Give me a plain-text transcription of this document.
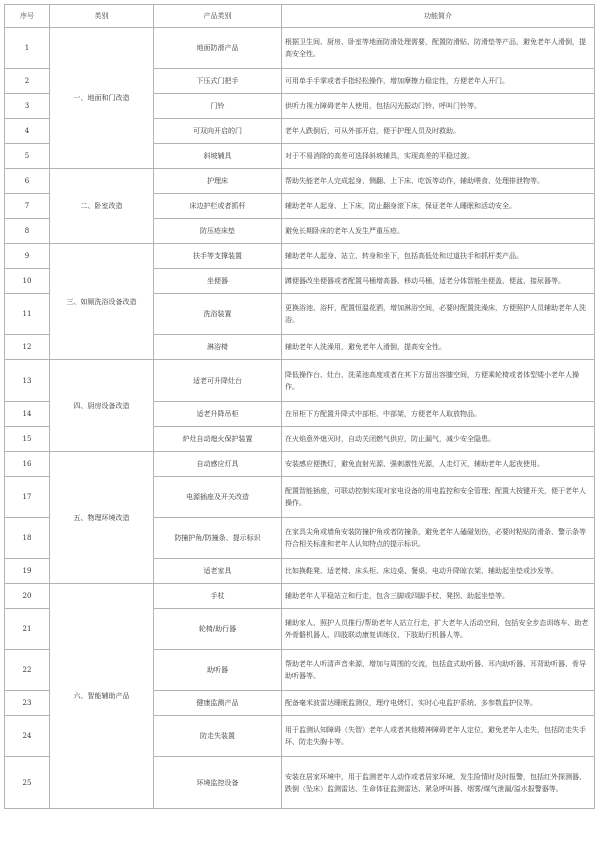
序号	类别	产品类别	功能简介
1	一、地面和门改造	地面防滑产品	根据卫生间、厨房、卧室等地面防滑处理需要，配置防滑贴、防滑垫等产品，避免老年人滑倒，提高安全性。
2		下压式门把手	可用单手手掌或者手指轻松操作，增加摩擦力稳定性，方便老年人开门。
3		门铃	供听力视力障碍老年人使用，包括闪光振动门铃、呼叫门铃等。
4		可双向开启的门	老年人跌倒后，可从外部开启，便于护理人员及时救助。
5		斜坡辅具	对于不易消除的高差可选择斜坡辅具，实现高差的平稳过渡。
6	二、卧室改造	护理床	帮助失能老年人完成起身、侧翻、上下床、吃饭等动作，辅助喂食、处理排泄物等。
7		床边护栏或者抓杆	辅助老年人起身、上下床，防止翻身滚下床，保证老年人睡眠和活动安全。
8		防压疮床垫	避免长期卧床的老年人发生严重压疮。
9	三、如厕洗浴设备改造	扶手等支撑装置	辅助老年人起身、站立、转身和坐下，包括高低处和过道扶手和抓杆类产品。
10		坐便器	蹲便器改坐便器或者配置马桶增高器、移动马桶，适老分体智能坐便盖、便盆、接尿器等。
11		洗浴装置	更换浴池、浴杆，配置恒温花洒，增加淋浴空间，必要时配置洗澡床，方便照护人员辅助老年人洗浴。
12		淋浴椅	辅助老年人洗澡用，避免老年人滑倒，提高安全性。
13	四、厨房设备改造	适老可升降灶台	降低操作台、灶台、洗菜池高度或者在其下方留出容膝空间，方便乘轮椅或者体型矮小老年人操作。
14		适老升降吊柜	在吊柜下方配置升降式中部柜、中部架，方便老年人取放物品。
15		炉灶自动熄火保护装置	在火焰意外熄灭时，自动关闭燃气供应，防止漏气，减少安全隐患。
16	五、物理环境改造	自动感应灯具	安装感应便携灯，避免直射光源、强刺激性光源，人走灯灭，辅助老年人起夜使用。
17		电源插座及开关改造	配置智能插座，可联动控制实现对家电设备的用电监控和安全管理；配置大按键开关，便于老年人操作。
18		防撞护角/防撞条、提示标识	在家具尖角或墙角安装防撞护角或者防撞条，避免老年人磕碰划伤，必要时粘贴防滑条、警示条等符合相关标准和老年人认知特点的提示标识。
19		适老家具	比如换鞋凳、适老椅、床头柜、床边桌、餐桌、电动升降晾衣架、辅助起坐垫或沙发等。
20	六、智能辅助产品	手杖	辅助老年人平稳站立和行走，包含三脚或四脚手杖、凳拐、助起坐垫等。
21		轮椅/助行器	辅助家人、照护人员推行/帮助老年人站立行走，扩大老年人活动空间，包括安全步态训练车、助老外骨骼机器人、四肢联动康复训练仪、下肢助行机器人等。
22		助听器	帮助老年人听清声音来源，增加与周围的交流，包括盒式助听器、耳内助听器、耳背助听器、骨导助听器等。
23		健康监测产品	配备毫米波雷达睡眠监测仪，理疗电烤灯、实时心电监护系统、多参数监护仪等。
24		防走失装置	用于监测认知障碍（失智）老年人或者其他精神障碍老年人定位，避免老年人走失，包括防走失手环、防走失胸卡等。
25		环境监控设备	安装在居家环境中，用于监测老年人动作或者居家环境，发生险情时及时报警，包括红外探测器、跌倒（坠床）监测雷达、生命体征监测雷达、紧急呼叫器、烟雾/煤气泄漏/溢水报警器等。
